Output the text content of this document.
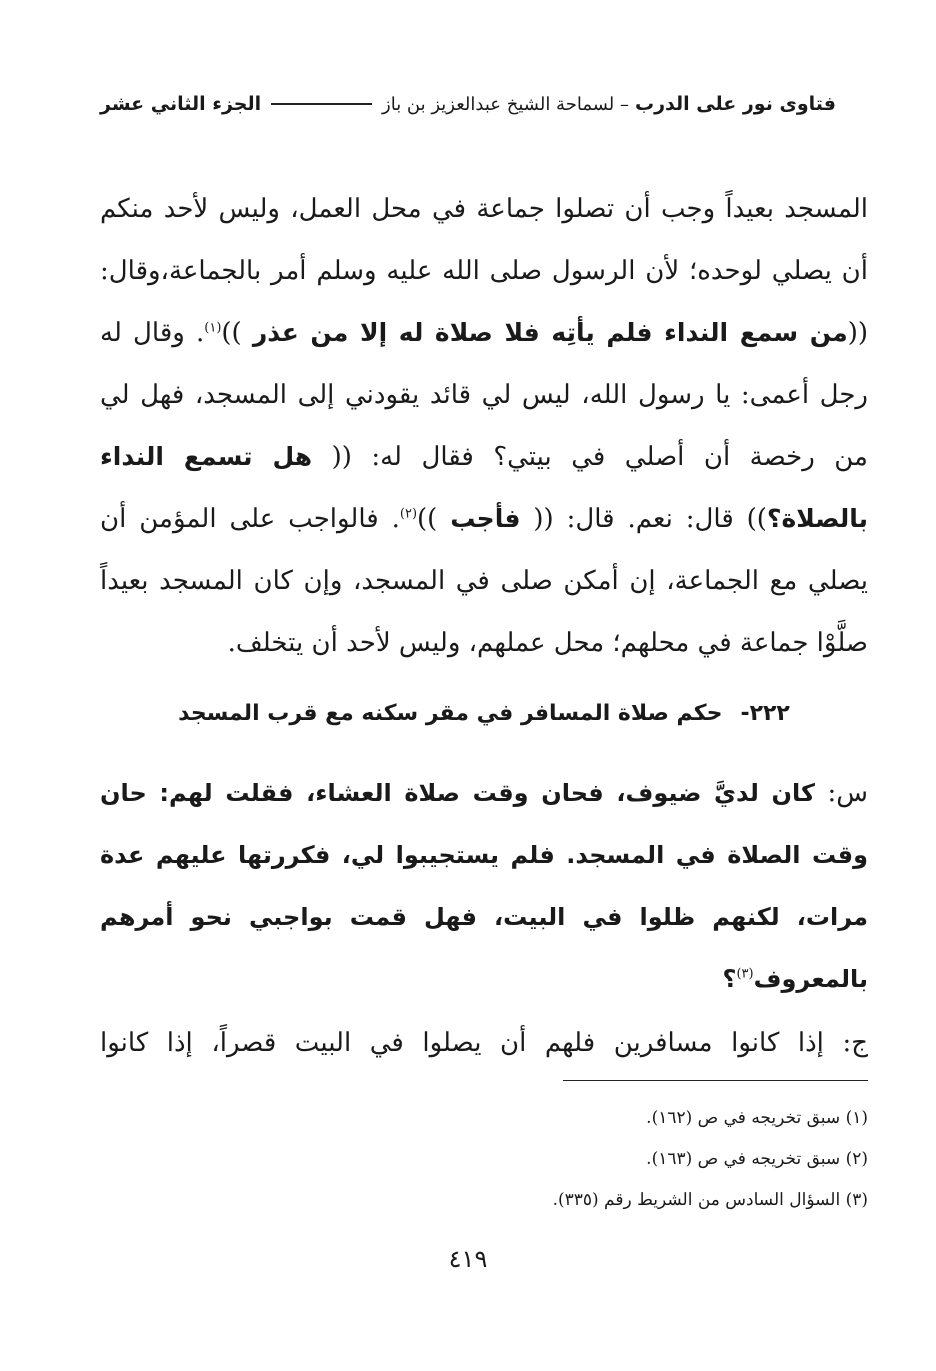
فتاوى نور على الدرب
– لسماحة الشيخ عبدالعزيز بن باز
الجزء الثاني عشر

المسجد بعيداً وجب أن تصلوا جماعة في محل العمل، وليس لأحد منكم أن يصلي لوحده؛ لأن الرسول صلى الله عليه وسلم أمر بالجماعة،وقال:((من سمع النداء فلم يأتِه فلا صلاة له إلا من عذر ))$^{(١)}$. وقال له رجل أعمى: يا رسول الله، ليس لي قائد يقودني إلى المسجد، فهل لي من رخصة أن أصلي في بيتي؟ فقال له: (( هل تسمع النداء بالصلاة؟)) قال: نعم. قال: (( فأجب ))$^{(٢)}$. فالواجب على المؤمن أن يصلي مع الجماعة، إن أمكن صلى في المسجد، وإن كان المسجد بعيداً صلَّوْا جماعة في محلهم؛ محل عملهم، وليس لأحد أن يتخلف.

٢٢٢-حكم صلاة المسافر في مقر سكنه مع قرب المسجد
س: كان لديَّ ضيوف، فحان وقت صلاة العشاء، فقلت لهم: حان وقت الصلاة في المسجد. فلم يستجيبوا لي، فكررتها عليهم عدة مرات، لكنهم ظلوا في البيت، فهل قمت بواجبي نحو أمرهم بالمعروف$^{(٣)}$؟
ج: إذا كانوا مسافرين فلهم أن يصلوا في البيت قصراً، إذا كانوا
(١) سبق تخريجه في ص (١٦٢).
(٢) سبق تخريجه في ص (١٦٣).
(٣) السؤال السادس من الشريط رقم (٣٣٥).
٤١٩
